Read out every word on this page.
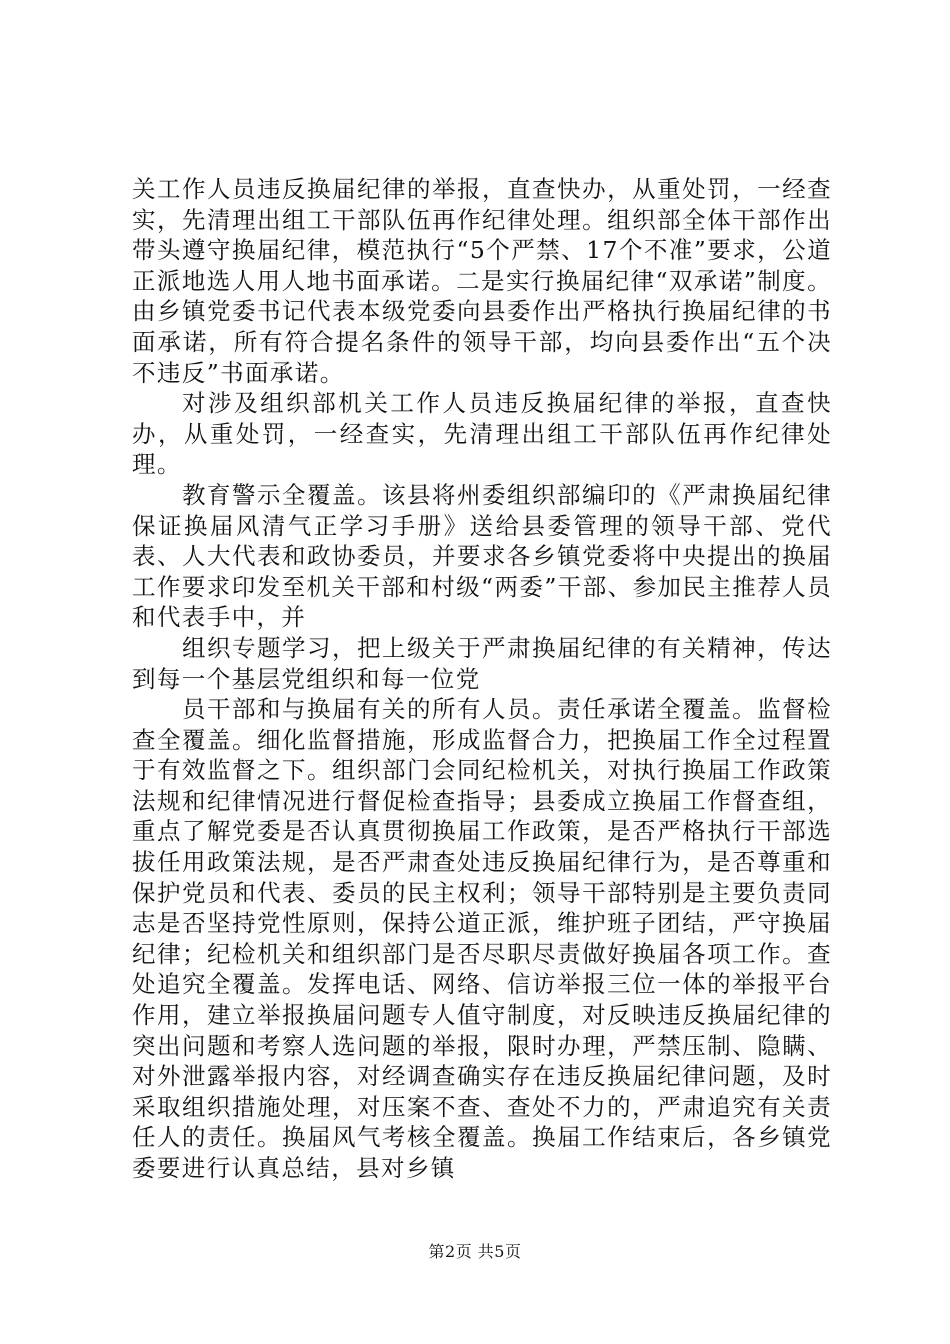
关工作人员违反换届纪律的举报，直查快办，从重处罚，一经查实，先清理出组工干部队伍再作纪律处理。组织部全体干部作出带头遵守换届纪律，模范执行“5个严禁、17个不准”要求，公道正派地选人用人地书面承诺。二是实行换届纪律“双承诺”制度。由乡镇党委书记代表本级党委向县委作出严格执行换届纪律的书面承诺，所有符合提名条件的领导干部，均向县委作出“五个决不违反”书面承诺。

对涉及组织部机关工作人员违反换届纪律的举报，直查快办，从重处罚，一经查实，先清理出组工干部队伍再作纪律处理。

教育警示全覆盖。该县将州委组织部编印的《严肃换届纪律保证换届风清气正学习手册》送给县委管理的领导干部、党代表、人大代表和政协委员，并要求各乡镇党委将中央提出的换届工作要求印发至机关干部和村级“两委”干部、参加民主推荐人员和代表手中，并

组织专题学习，把上级关于严肃换届纪律的有关精神，传达到每一个基层党组织和每一位党

员干部和与换届有关的所有人员。责任承诺全覆盖。监督检查全覆盖。细化监督措施，形成监督合力，把换届工作全过程置于有效监督之下。组织部门会同纪检机关，对执行换届工作政策法规和纪律情况进行督促检查指导；县委成立换届工作督查组，重点了解党委是否认真贯彻换届工作政策，是否严格执行干部选拔任用政策法规，是否严肃查处违反换届纪律行为，是否尊重和保护党员和代表、委员的民主权利；领导干部特别是主要负责同志是否坚持党性原则，保持公道正派，维护班子团结，严守换届纪律；纪检机关和组织部门是否尽职尽责做好换届各项工作。查处追究全覆盖。发挥电话、网络、信访举报三位一体的举报平台作用，建立举报换届问题专人值守制度，对反映违反换届纪律的突出问题和考察人选问题的举报，限时办理，严禁压制、隐瞒、对外泄露举报内容，对经调查确实存在违反换届纪律问题，及时采取组织措施处理，对压案不查、查处不力的，严肃追究有关责任人的责任。换届风气考核全覆盖。换届工作结束后，各乡镇党委要进行认真总结，县对乡镇

第2页 共5页
